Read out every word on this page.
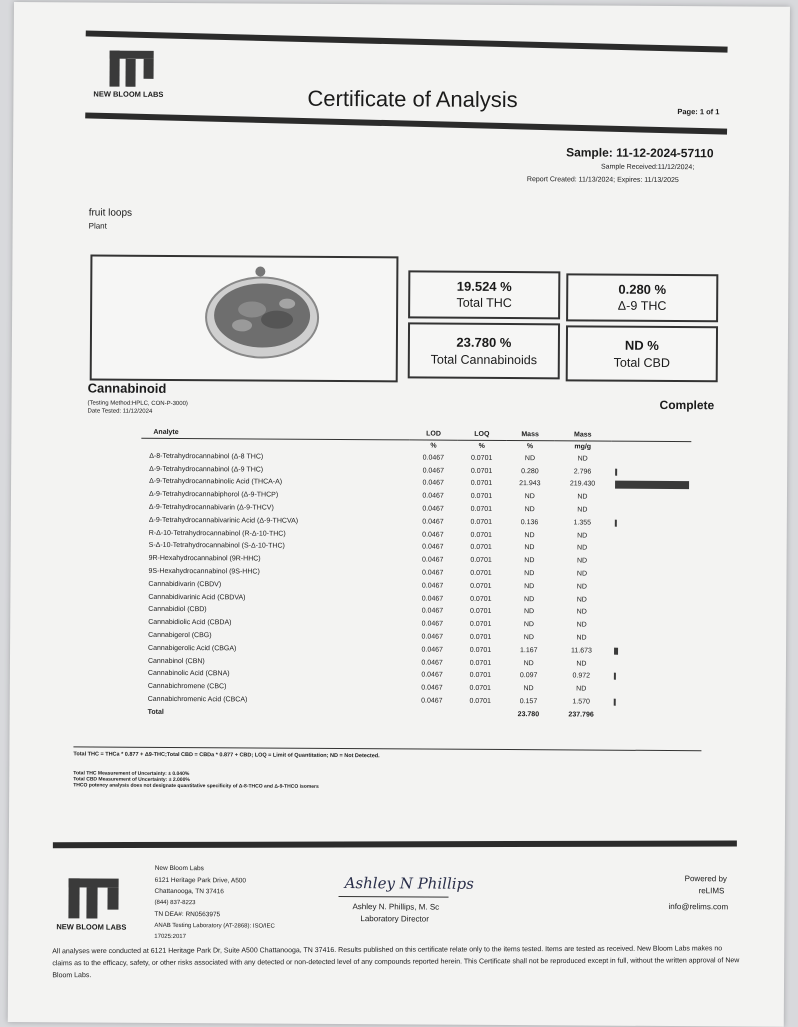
NEW BLOOM LABS	Certificate of Analysis	Page: 1 of 1
Sample: 11-12-2024-57110
Sample Received:11/12/2024;
Report Created: 11/13/2024; Expires: 11/13/2025
fruit loops
Plant
19.524 %
Total THC
0.280 %
Δ-9 THC
23.780 %
Total Cannabinoids
ND %
Total CBD
Cannabinoid
(Testing Method:HPLC, CON-P-3000)
Date Tested: 11/12/2024	Complete
Analyte	LOD	LOQ	Mass	Mass	
	%	%	%	mg/g	
Δ-8-Tetrahydrocannabinol (Δ-8 THC)	0.0467	0.0701	ND	ND	
Δ-9-Tetrahydrocannabinol (Δ-9 THC)	0.0467	0.0701	0.280	2.796	

Δ-9-Tetrahydrocannabinolic Acid (THCA-A)	0.0467	0.0701	21.943	219.430	

Δ-9-Tetrahydrocannabiphorol (Δ-9-THCP)	0.0467	0.0701	ND	ND	
Δ-9-Tetrahydrocannabivarin (Δ-9-THCV)	0.0467	0.0701	ND	ND	
Δ-9-Tetrahydrocannabivarinic Acid (Δ-9-THCVA)	0.0467	0.0701	0.136	1.355	

R-Δ-10-Tetrahydrocannabinol (R-Δ-10-THC)	0.0467	0.0701	ND	ND	
S-Δ-10-Tetrahydrocannabinol (S-Δ-10-THC)	0.0467	0.0701	ND	ND	
9R-Hexahydrocannabinol (9R-HHC)	0.0467	0.0701	ND	ND	
9S-Hexahydrocannabinol (9S-HHC)	0.0467	0.0701	ND	ND	
Cannabidivarin (CBDV)	0.0467	0.0701	ND	ND	
Cannabidivarinic Acid (CBDVA)	0.0467	0.0701	ND	ND	
Cannabidiol (CBD)	0.0467	0.0701	ND	ND	
Cannabidiolic Acid (CBDA)	0.0467	0.0701	ND	ND	
Cannabigerol (CBG)	0.0467	0.0701	ND	ND	
Cannabigerolic Acid (CBGA)	0.0467	0.0701	1.167	11.673	

Cannabinol (CBN)	0.0467	0.0701	ND	ND	
Cannabinolic Acid (CBNA)	0.0467	0.0701	0.097	0.972	

Cannabichromene (CBC)	0.0467	0.0701	ND	ND	
Cannabichromenic Acid (CBCA)	0.0467	0.0701	0.157	1.570	

Total			23.780	237.796	
Total THC = THCa * 0.877 + Δ9-THC;Total CBD = CBDa * 0.877 + CBD; LOQ = Limit of Quantitation; ND = Not Detected.
Total THC Measurement of Uncertainty: ± 0.040%
Total CBD Measurement of Uncertainty: ± 2.000%
THCO potency analysis does not designate quantitative specificity of Δ-8-THCO and Δ-9-THCO isomers
NEW BLOOM LABS
New Bloom Labs
6121 Heritage Park Drive, A500
Chattanooga, TN 37416
(844) 837-8223
TN DEA#: RN0563975
ANAB Testing Laboratory (AT-2868): ISO/IEC
17025:2017
Ashley N Phillips
Ashley N. Phillips, M. Sc
Laboratory Director
Powered by
reLIMS
info@relims.com
All analyses were conducted at 6121 Heritage Park Dr, Suite A500 Chattanooga, TN 37416. Results published on this certificate relate only to the items tested. Items are tested as received. New Bloom Labs makes no claims as to the efficacy, safety, or other risks associated with any detected or non-detected level of any compounds reported herein. This Certificate shall not be reproduced except in full, without the written approval of New Bloom Labs.
